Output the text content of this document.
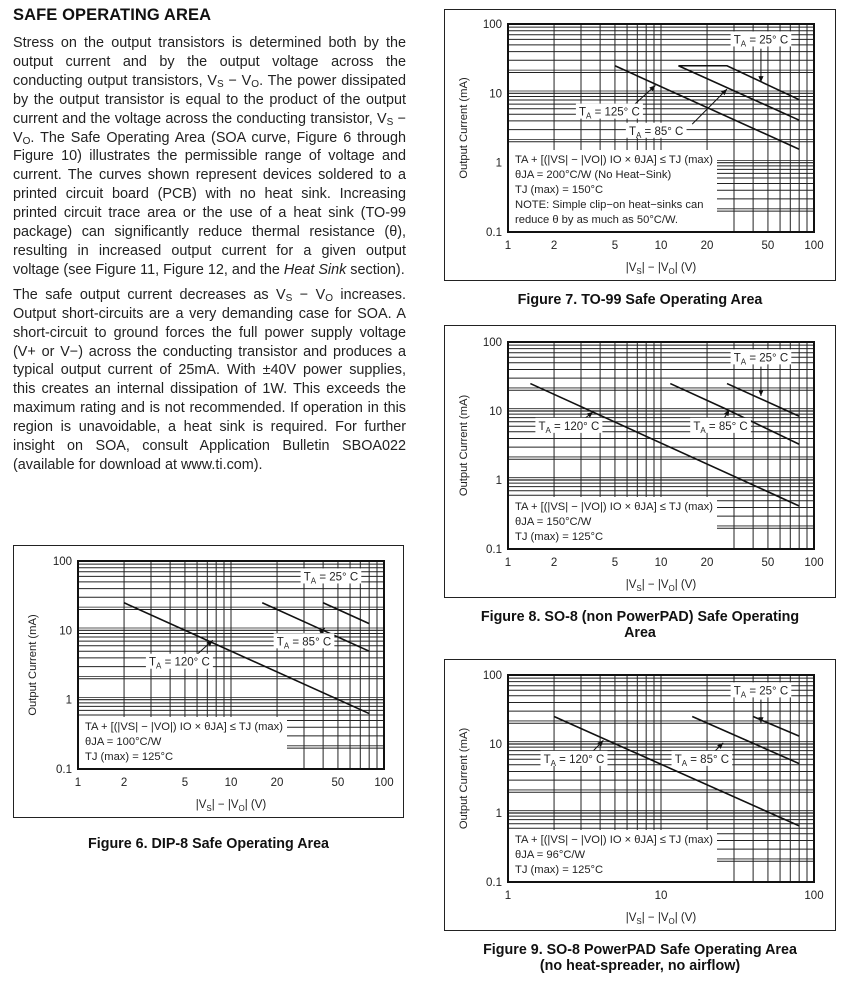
SAFE OPERATING AREA

Stress on the output transistors is determined both by the output current and by the output voltage across the conducting output transistors, $V_S - V_O$. The power dissipated by the output transistor is equal to the product of the output current and the voltage across the conducting transistor, $V_S - V_O$. The Safe Operating Area (SOA curve, Figure 6 through Figure 10) illustrates the permissible range of voltage and current. The curves shown represent devices soldered to a printed circuit board (PCB) with no heat sink. Increasing printed circuit trace area or the use of a heat sink (TO-99 package) can significantly reduce thermal resistance (θ), resulting in increased output current for a given output voltage (see Figure 11, Figure 12, and the Heat Sink section).

The safe output current decreases as $V_S - V_O$ increases. Output short-circuits are a very demanding case for SOA. A short-circuit to ground forces the full power supply voltage (V+ or V−) across the conducting transistor and produces a typical output current of 25mA. With ±40V power supplies, this creates an internal dissipation of 1W. This exceeds the maximum rating and is not recommended. If operation in this region is unavoidable, a heat sink is required. For further insight on SOA, consult Application Bulletin SBOA022 (available for download at www.ti.com).

TA + [(|VS| − |VO|) IO × θJA] ≤ TJ (max)
θJA = 100°C/W
TJ (max) = 125°C
$T_A = 25^\circ$ C
$T_A = 85^\circ$ C
$T_A = 120^\circ$ C
0.1
1
10
100
1	2	5	10	20	50	100
$|V_S| - |V_O|$ (V)
Output Current (mA)
Figure 6. DIP-8 Safe Operating Area
TA + [(|VS| − |VO|) IO × θJA] ≤ TJ (max)
θJA = 200°C/W (No Heat−Sink)
TJ (max) = 150°C
NOTE: Simple clip−on heat−sinks can
reduce θ by as much as 50°C/W.
$T_A = 25^\circ$ C
$T_A = 125^\circ$ C
$T_A = 85^\circ$ C
0.1
1
10
100
1	2	5	10	20	50	100
$|V_S| - |V_O|$ (V)
Output Current (mA)
Figure 7. TO-99 Safe Operating Area
TA + [(|VS| − |VO|) IO × θJA] ≤ TJ (max)
θJA = 150°C/W
TJ (max) = 125°C
$T_A = 25^\circ$ C
$T_A = 120^\circ$ C	$T_A = 85^\circ$ C
0.1
1
10
100
1	2	5	10	20	50	100
$|V_S| - |V_O|$ (V)
Output Current (mA)
Figure 8. SO-8 (non PowerPAD) Safe Operating
Area
TA + [(|VS| − |VO|) IO × θJA] ≤ TJ (max)
θJA = 96°C/W
TJ (max) = 125°C
$T_A = 25^\circ$ C
$T_A = 120^\circ$ C	$T_A = 85^\circ$ C
0.1
1
10
100
1	10	100
$|V_S| - |V_O|$ (V)
Output Current (mA)
Figure 9. SO-8 PowerPAD Safe Operating Area
(no heat-spreader, no airflow)
